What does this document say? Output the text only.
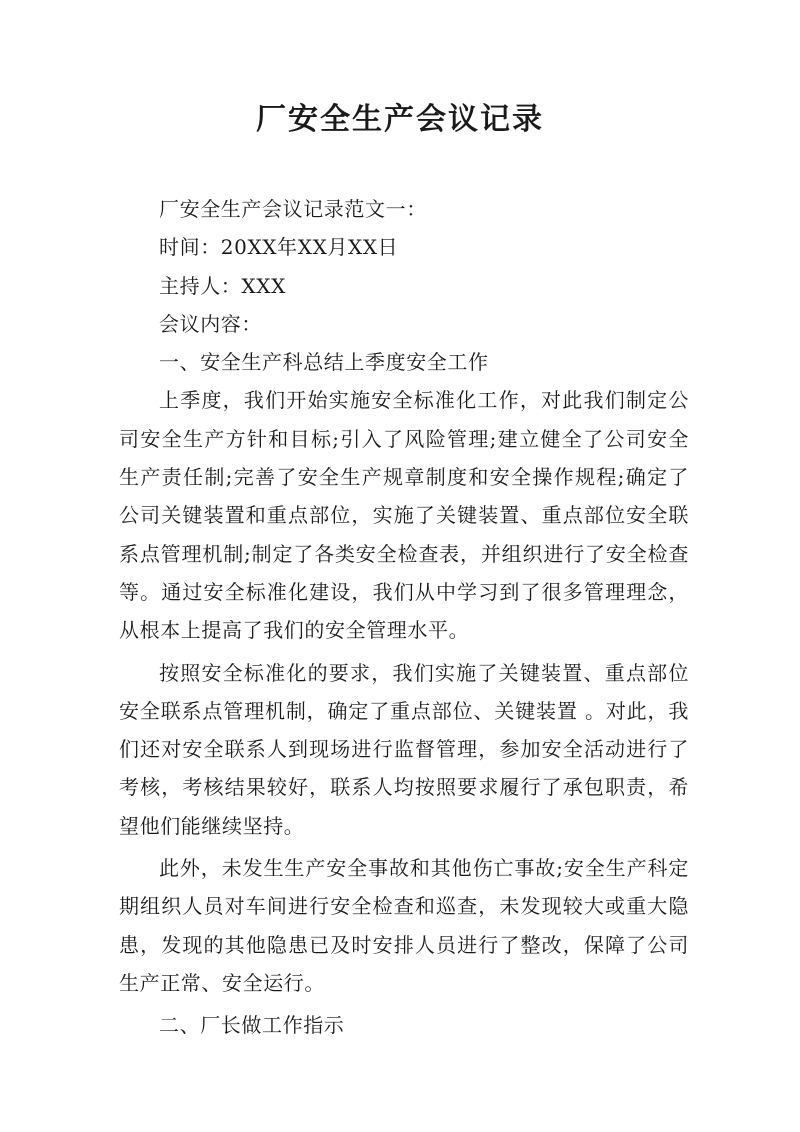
厂安全生产会议记录

厂安全生产会议记录范文一：

时间：20XX年XX月XX日

主持人：XXX

会议内容：

一、安全生产科总结上季度安全工作

上季度，我们开始实施安全标准化工作，对此我们制定公司安全生产方针和目标;引入了风险管理;建立健全了公司安全生产责任制;完善了安全生产规章制度和安全操作规程;确定了公司关键装置和重点部位，实施了关键装置、重点部位安全联系点管理机制;制定了各类安全检查表，并组织进行了安全检查等。通过安全标准化建设，我们从中学习到了很多管理理念，从根本上提高了我们的安全管理水平。

按照安全标准化的要求，我们实施了关键装置、重点部位安全联系点管理机制，确定了重点部位、关键装置 。对此，我们还对安全联系人到现场进行监督管理，参加安全活动进行了考核，考核结果较好，联系人均按照要求履行了承包职责，希望他们能继续坚持。

此外，未发生生产安全事故和其他伤亡事故;安全生产科定期组织人员对车间进行安全检查和巡查，未发现较大或重大隐患，发现的其他隐患已及时安排人员进行了整改，保障了公司生产正常、安全运行。

二、厂长做工作指示
